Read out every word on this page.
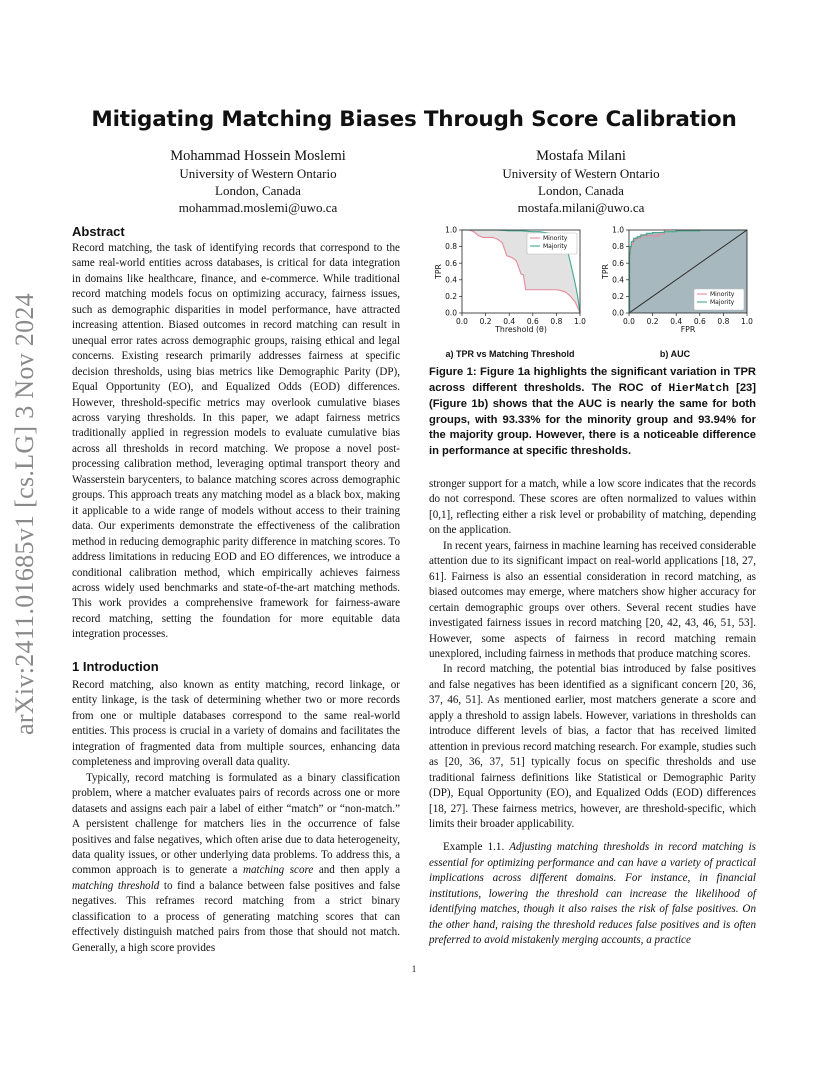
arXiv:2411.01685v1 [cs.LG] 3 Nov 2024
Mitigating Matching Biases Through Score Calibration
Mohammad Hossein Moslemi
University of Western Ontario
London, Canada
mohammad.moslemi@uwo.ca
Mostafa Milani
University of Western Ontario
London, Canada
mostafa.milani@uwo.ca
Abstract

Record matching, the task of identifying records that correspond to the same real-world entities across databases, is critical for data integration in domains like healthcare, finance, and e-commerce. While traditional record matching models focus on optimizing accuracy, fairness issues, such as demographic disparities in model performance, have attracted increasing attention. Biased outcomes in record matching can result in unequal error rates across demographic groups, raising ethical and legal concerns. Existing research primarily addresses fairness at specific decision thresholds, using bias metrics like Demographic Parity (DP), Equal Opportunity (EO), and Equalized Odds (EOD) differences. However, threshold-specific metrics may overlook cumulative biases across varying thresholds. In this paper, we adapt fairness metrics traditionally applied in regression models to evaluate cumulative bias across all thresholds in record matching. We propose a novel post-processing calibration method, leveraging optimal transport theory and Wasserstein barycenters, to balance matching scores across demographic groups. This approach treats any matching model as a black box, making it applicable to a wide range of models without access to their training data. Our experiments demonstrate the effectiveness of the calibration method in reducing demographic parity difference in matching scores. To address limitations in reducing EOD and EO differences, we introduce a conditional calibration method, which empirically achieves fairness across widely used benchmarks and state-of-the-art matching methods. This work provides a comprehensive framework for fairness-aware record matching, setting the foundation for more equitable data integration processes.

1 Introduction

Record matching, also known as entity matching, record linkage, or entity linkage, is the task of determining whether two or more records from one or multiple databases correspond to the same real-world entities. This process is crucial in a variety of domains and facilitates the integration of fragmented data from multiple sources, enhancing data completeness and improving overall data quality.

Typically, record matching is formulated as a binary classification problem, where a matcher evaluates pairs of records across one or more datasets and assigns each pair a label of either “match” or “non-match.” A persistent challenge for matchers lies in the occurrence of false positives and false negatives, which often arise due to data heterogeneity, data quality issues, or other underlying data problems. To address this, a common approach is to generate a matching score and then apply a matching threshold to find a balance between false positives and false negatives. This reframes record matching from a strict binary classification to a process of generating matching scores that can effectively distinguish matched pairs from those that should not match. Generally, a high score provides

0.0 0.2 0.4 0.6 0.8 1.0
0.0
0.2
0.4
0.6
0.8
1.0
Threshold (θ)
TPR
Minority
Majority
0.0 0.2 0.4 0.6 0.8 1.0
0.0
0.2
0.4
0.6
0.8
1.0
FPR
TPR
Minority
Majority
a) TPR vs Matching Threshold	b) AUC
Figure 1: Figure 1a highlights the significant variation in TPR across different thresholds. The ROC of HierMatch [23] (Figure 1b) shows that the AUC is nearly the same for both groups, with 93.33% for the minority group and 93.94% for the majority group. However, there is a noticeable difference in performance at specific thresholds.

stronger support for a match, while a low score indicates that the records do not correspond. These scores are often normalized to values within [0,1], reflecting either a risk level or probability of matching, depending on the application.

In recent years, fairness in machine learning has received considerable attention due to its significant impact on real-world applications [18, 27, 61]. Fairness is also an essential consideration in record matching, as biased outcomes may emerge, where matchers show higher accuracy for certain demographic groups over others. Several recent studies have investigated fairness issues in record matching [20, 42, 43, 46, 51, 53]. However, some aspects of fairness in record matching remain unexplored, including fairness in methods that produce matching scores.

In record matching, the potential bias introduced by false positives and false negatives has been identified as a significant concern [20, 36, 37, 46, 51]. As mentioned earlier, most matchers generate a score and apply a threshold to assign labels. However, variations in thresholds can introduce different levels of bias, a factor that has received limited attention in previous record matching research. For example, studies such as [20, 36, 37, 51] typically focus on specific thresholds and use traditional fairness definitions like Statistical or Demographic Parity (DP), Equal Opportunity (EO), and Equalized Odds (EOD) differences [18, 27]. These fairness metrics, however, are threshold-specific, which limits their broader applicability.

Example 1.1. Adjusting matching thresholds in record matching is essential for optimizing performance and can have a variety of practical implications across different domains. For instance, in financial institutions, lowering the threshold can increase the likelihood of identifying matches, though it also raises the risk of false positives. On the other hand, raising the threshold reduces false positives and is often preferred to avoid mistakenly merging accounts, a practice

1
